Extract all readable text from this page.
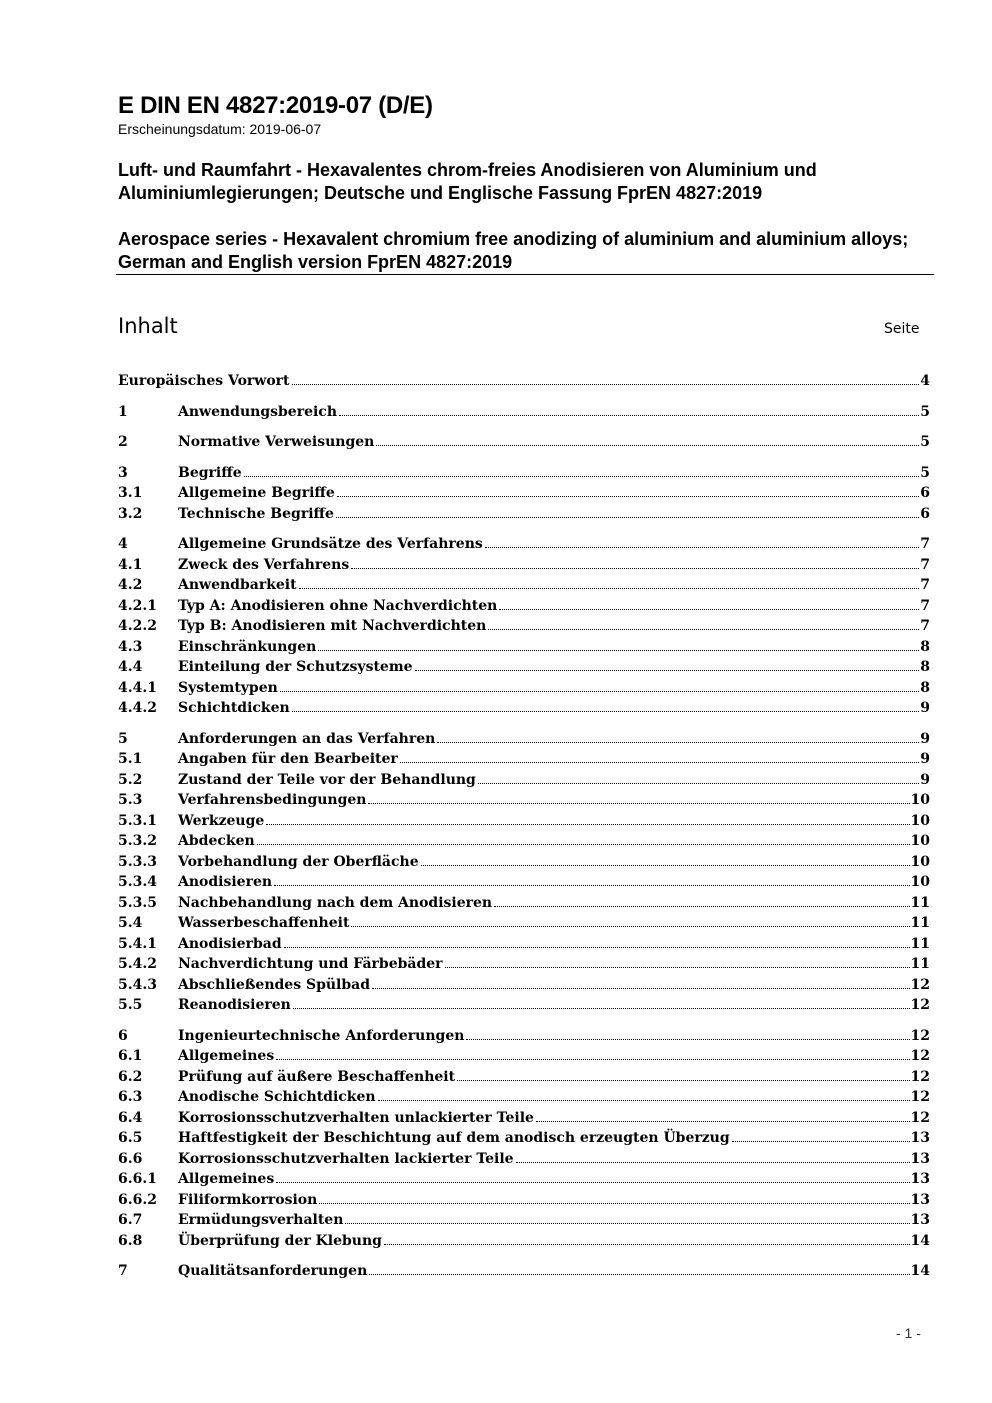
E DIN EN 4827:2019-07 (D/E)
Erscheinungsdatum: 2019-06-07
Luft- und Raumfahrt - Hexavalentes chrom-freies Anodisieren von Aluminium und Aluminiumlegierungen; Deutsche und Englische Fassung FprEN 4827:2019
Aerospace series - Hexavalent chromium free anodizing of aluminium and aluminium alloys; German and English version FprEN 4827:2019
Inhalt	Seite
Europäisches Vorwort	4
1	Anwendungsbereich	5
2	Normative Verweisungen	5
3	Begriffe	5
3.1	Allgemeine Begriffe	6
3.2	Technische Begriffe	6
4	Allgemeine Grundsätze des Verfahrens	7
4.1	Zweck des Verfahrens	7
4.2	Anwendbarkeit	7
4.2.1 Typ A: Anodisieren ohne Nachverdichten	7
4.2.2 Typ B: Anodisieren mit Nachverdichten	7
4.3	Einschränkungen	8
4.4	Einteilung der Schutzsysteme	8
4.4.1 Systemtypen	8
4.4.2 Schichtdicken	9
5	Anforderungen an das Verfahren	9
5.1	Angaben für den Bearbeiter	9
5.2	Zustand der Teile vor der Behandlung	9
5.3	Verfahrensbedingungen	10
5.3.1 Werkzeuge	10
5.3.2 Abdecken	10
5.3.3 Vorbehandlung der Oberfläche	10
5.3.4 Anodisieren	10
5.3.5 Nachbehandlung nach dem Anodisieren	11
5.4	Wasserbeschaffenheit	11
5.4.1 Anodisierbad	11
5.4.2 Nachverdichtung und Färbebäder	11
5.4.3 Abschließendes Spülbad	12
5.5	Reanodisieren	12
6	Ingenieurtechnische Anforderungen	12
6.1	Allgemeines	12
6.2	Prüfung auf äußere Beschaffenheit	12
6.3	Anodische Schichtdicken	12
6.4	Korrosionsschutzverhalten unlackierter Teile	12
6.5	Haftfestigkeit der Beschichtung auf dem anodisch erzeugten Überzug	13
6.6	Korrosionsschutzverhalten lackierter Teile	13
6.6.1 Allgemeines	13
6.6.2 Filiformkorrosion	13
6.7	Ermüdungsverhalten	13
6.8	Überprüfung der Klebung	14
7	Qualitätsanforderungen	14
- 1 -
